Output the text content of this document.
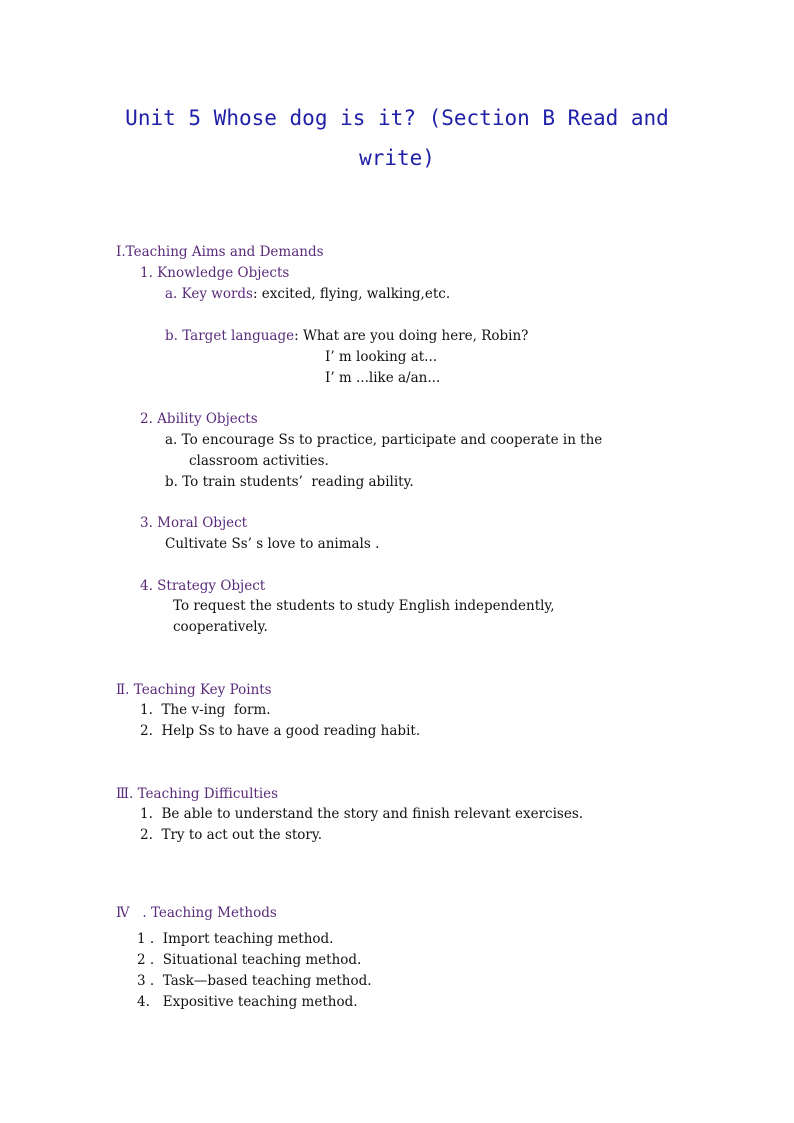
Unit 5 Whose dog is it? (Section B Read and
write)
Ⅰ.Teaching Aims and Demands
1. Knowledge Objects
a. Key words: excited, flying, walking,etc.
b. Target language: What are you doing here, Robin?
I’ m looking at...
I’ m ...like a/an...
2. Ability Objects
a. To encourage Ss to practice, participate and cooperate in the
classroom activities.
b. To train students’  reading ability.
3. Moral Object
Cultivate Ss’ s love to animals .
4. Strategy Object
To request the students to study English independently,
cooperatively.
Ⅱ. Teaching Key Points
1.  The v-ing  form.
2.  Help Ss to have a good reading habit.
Ⅲ. Teaching Difficulties
1.  Be able to understand the story and finish relevant exercises.
2.  Try to act out the story.
Ⅳ   . Teaching Methods
1 .  Import teaching method.
2 .  Situational teaching method.
3 .  Task—based teaching method.
4.   Expositive teaching method.
